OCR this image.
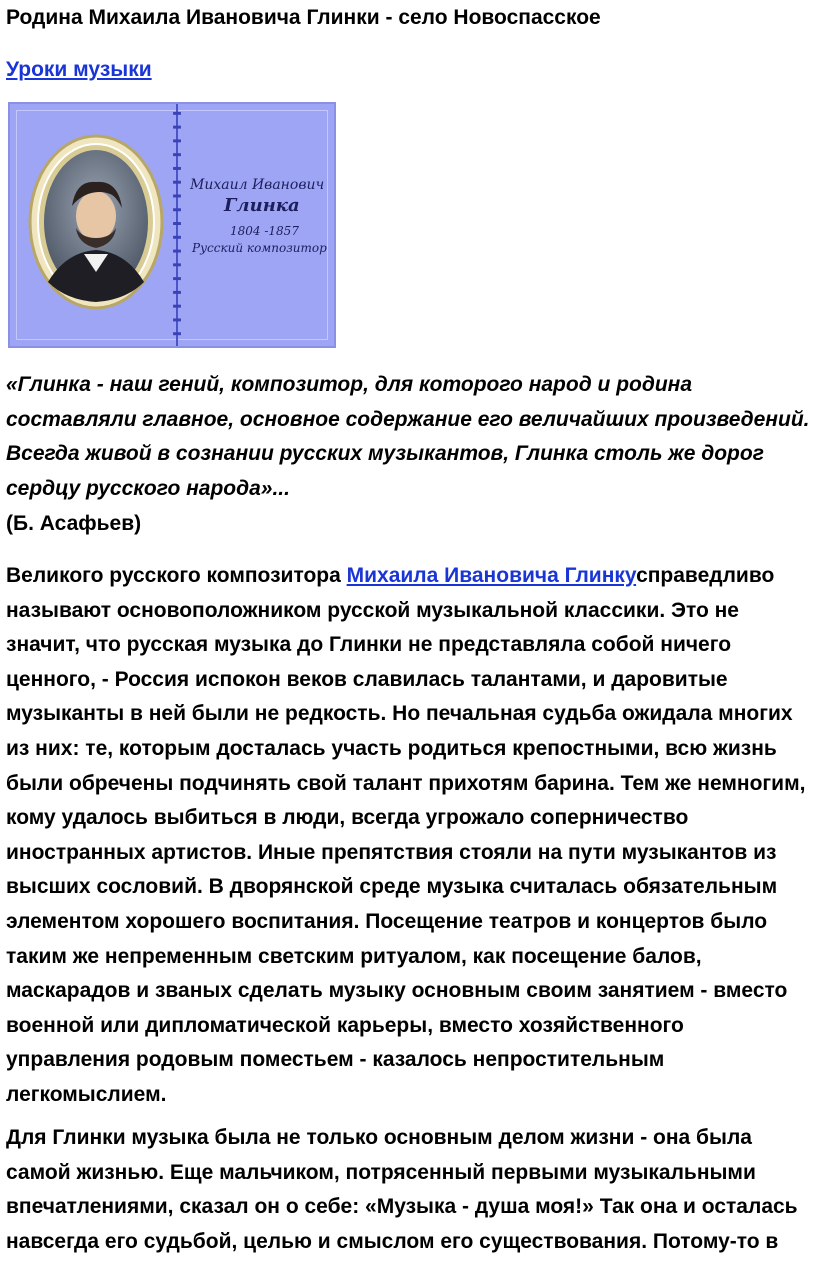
Родина Михаила Ивановича Глинки - село Новоспасское
Уроки музыки
Михаил Иванович
Глинка
1804 -1857
Русский композитор
«Глинка - наш гений, композитор, для которого народ и родина составляли главное, основное содержание его величайших произведений. Всегда живой в сознании русских музыкантов, Глинка столь же дорог сердцу русского народа»...
(Б. Асафьев)
Великого русского композитора Михаила Ивановича Глинкусправедливо называют основоположником русской музыкальной классики. Это не значит, что русская музыка до Глинки не представляла собой ничего ценного, - Россия испокон веков славилась талантами, и даровитые музыканты в ней были не редкость. Но печальная судьба ожидала многих из них: те, которым досталась участь родиться крепостными, всю жизнь были обречены подчинять свой талант прихотям барина. Тем же немногим, кому удалось выбиться в люди, всегда угрожало соперничество иностранных артистов. Иные препятствия стояли на пути музыкантов из высших сословий. В дворянской среде музыка считалась обязательным элементом хорошего воспитания. Посещение театров и концертов было таким же непременным светским ритуалом, как посещение балов, маскарадов и званых сделать музыку основным своим занятием - вместо военной или дипломатической карьеры, вместо хозяйственного управления родовым поместьем - казалось непростительным легкомыслием.
Для Глинки музыка была не только основным делом жизни - она была самой жизнью. Еще мальчиком, потрясенный первыми музыкальными впечатлениями, сказал он о себе: «Музыка - душа моя!» Так она и осталась навсегда его судьбой, целью и смыслом его существования. Потому-то в
